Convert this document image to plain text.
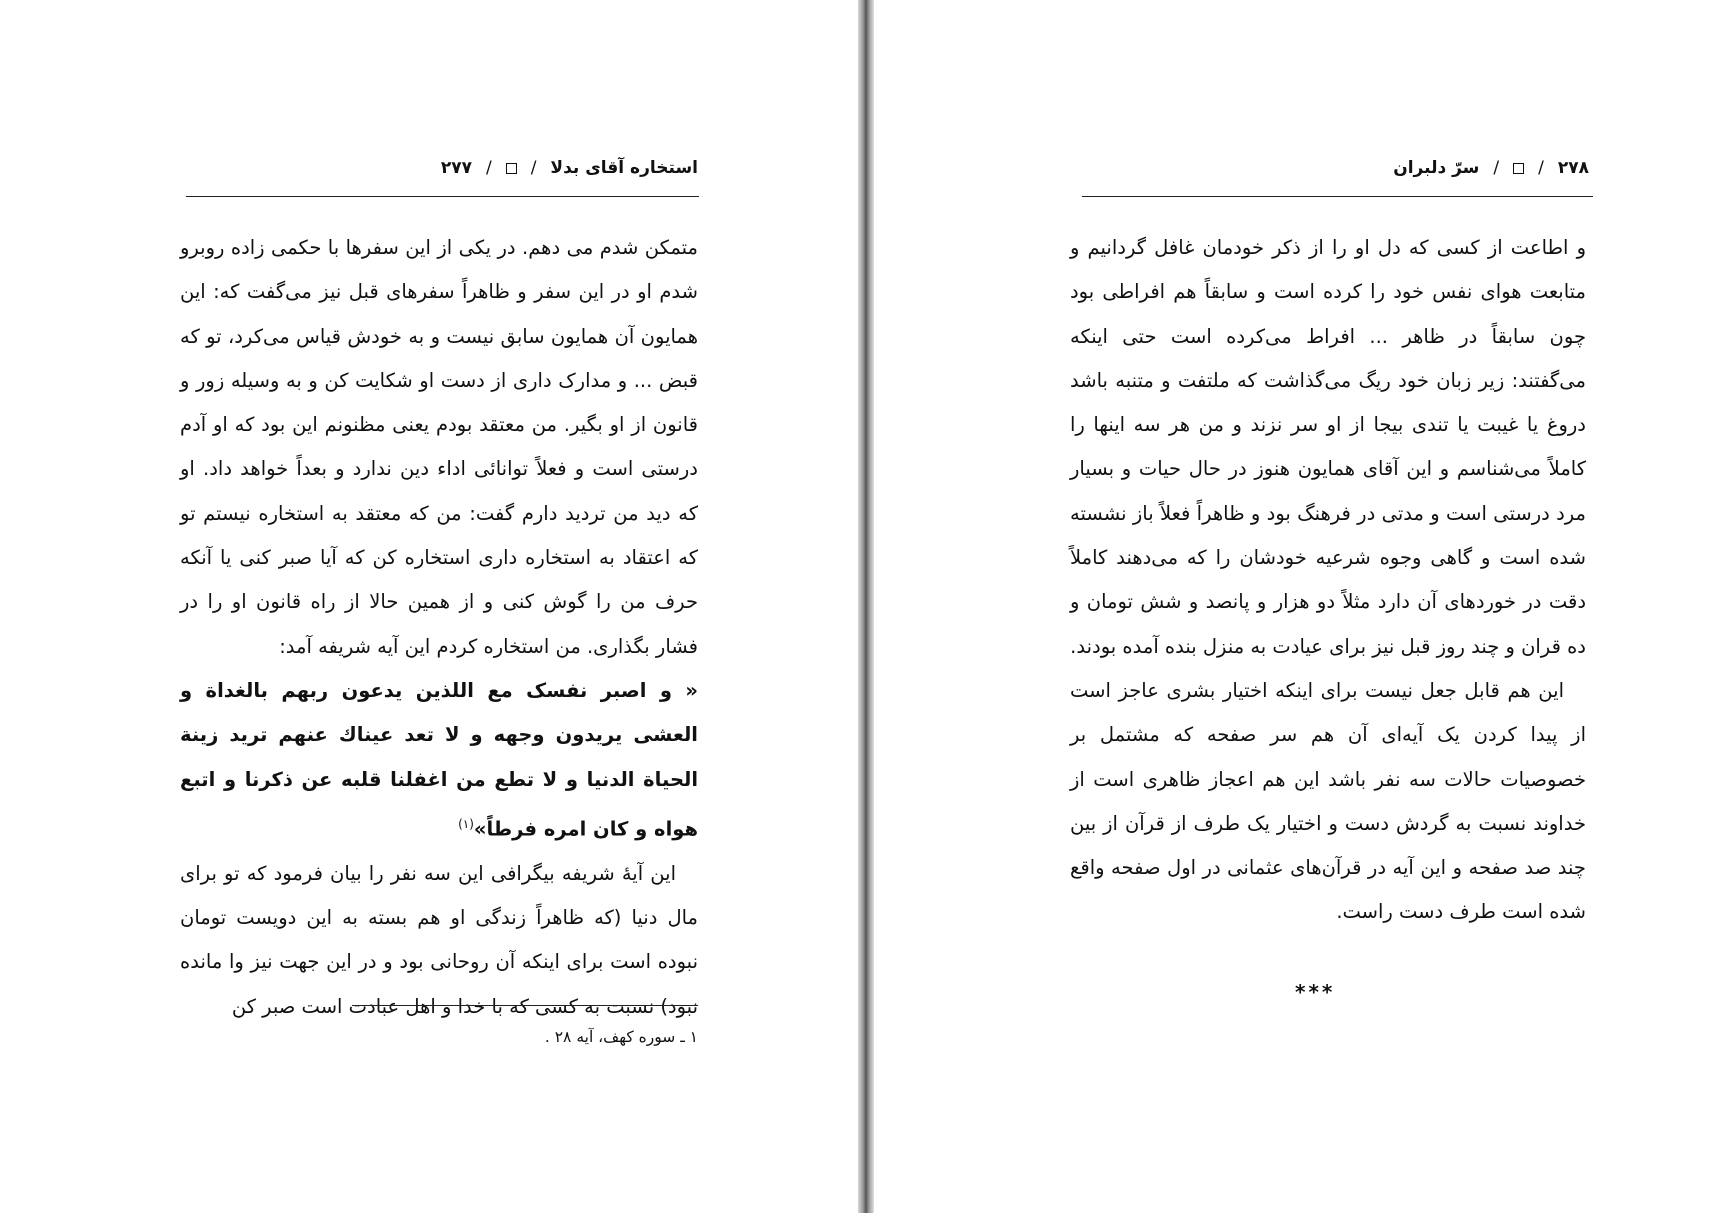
استخاره آقای بدلا
/
/
۲۷۷

متمکن شدم می دهم. در یکی از این سفرها با حکمی زاده روبرو شدم او در این سفر و ظاهراً سفرهای قبل نیز می‌گفت که: این همایون آن همایون سابق نیست و به خودش قیاس می‌کرد، تو که قبض ... و مدارک داری از دست او شکایت کن و به وسیله زور و قانون از او بگیر. من معتقد بودم یعنی مظنونم این بود که او آدم درستی است و فعلاً توانائی اداء دین ندارد و بعداً خواهد داد. او که دید من تردید دارم گفت: من که معتقد به استخاره نیستم تو که اعتقاد به استخاره داری استخاره کن که آیا صبر کنی یا آنکه حرف من را گوش کنی و از همین حالا از راه قانون او را در فشار بگذاری. من استخاره کردم این آیه شریفه آمد:

« و اصبر نفسک مع اللذین یدعون ربهم بالغداة و العشی یریدون وجهه و لا تعد عیناك عنهم ترید زینة الحیاة الدنیا و لا تطع من اغفلنا قلبه عن ذکرنا و اتبع هواه و کان امره فرطاً»$^{(۱)}$

این آیهٔ شریفه بیگرافی این سه نفر را بیان فرمود که تو برای مال دنیا (که ظاهراً زندگی او هم بسته به این دویست تومان نبوده است برای اینکه آن روحانی بود و در این جهت نیز وا مانده نبود) نسبت به کسی که با خدا و اهل عبادت است صبر کن

۱ ـ سوره کهف، آیه ۲۸ .
۲۷۸
/
/
سرّ دلبران

و اطاعت از کسی که دل او را از ذکر خودمان غافل گردانیم و متابعت هوای نفس خود را کرده است و سابقاً هم افراطی بود چون سابقاً در ظاهر ... افراط می‌کرده است حتی اینکه می‌گفتند: زیر زبان خود ریگ می‌گذاشت که ملتفت و متنبه باشد دروغ یا غیبت یا تندی بیجا از او سر نزند و من هر سه اینها را کاملاً می‌شناسم و این آقای همایون هنوز در حال حیات و بسیار مرد درستی است و مدتی در فرهنگ بود و ظاهراً فعلاً باز نشسته شده است و گاهی وجوه شرعیه خودشان را که می‌دهند کاملاً دقت در خوردهای آن دارد مثلاً دو هزار و پانصد و شش تومان و ده قران و چند روز قبل نیز برای عیادت به منزل بنده آمده بودند.

این هم قابل جعل نیست برای اینکه اختیار بشری عاجز است از پیدا کردن یک آیه‌ای آن هم سر صفحه که مشتمل بر خصوصیات حالات سه نفر باشد این هم اعجاز ظاهری است از خداوند نسبت به گردش دست و اختیار یک طرف از قرآن از بین چند صد صفحه و این آیه در قرآن‌های عثمانی در اول صفحه واقع شده است طرف دست راست.

***
